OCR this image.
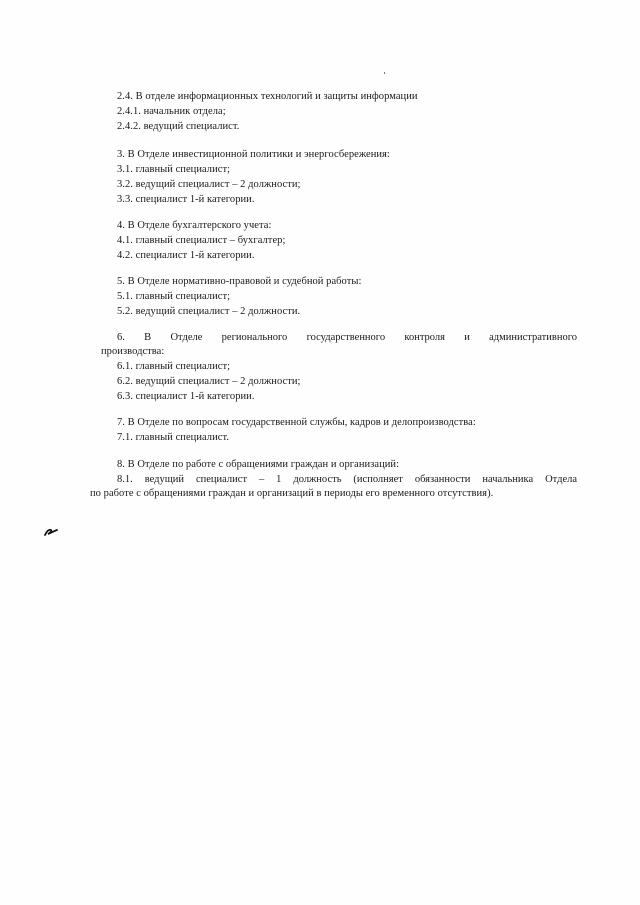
2.4. В отделе информационных технологий и защиты информации
2.4.1. начальник отдела;
2.4.2. ведущий специалист.
3. В Отделе инвестиционной политики и энергосбережения:
3.1. главный специалист;
3.2. ведущий специалист – 2 должности;
3.3. специалист 1-й категории.
4. В Отделе бухгалтерского учета:
4.1. главный специалист – бухгалтер;
4.2. специалист 1-й категории.
5. В Отделе нормативно-правовой и судебной работы:
5.1. главный специалист;
5.2. ведущий специалист – 2 должности.
6. В Отделе регионального государственного контроля и административного
производства:
6.1. главный специалист;
6.2. ведущий специалист – 2 должности;
6.3. специалист 1-й категории.
7. В Отделе по вопросам государственной службы, кадров и делопроизводства:
7.1. главный специалист.
8. В Отделе по работе с обращениями граждан и организаций:
8.1. ведущий специалист – 1 должность (исполняет обязанности начальника Отдела
по работе с обращениями граждан и организаций в периоды его временного отсутствия).
